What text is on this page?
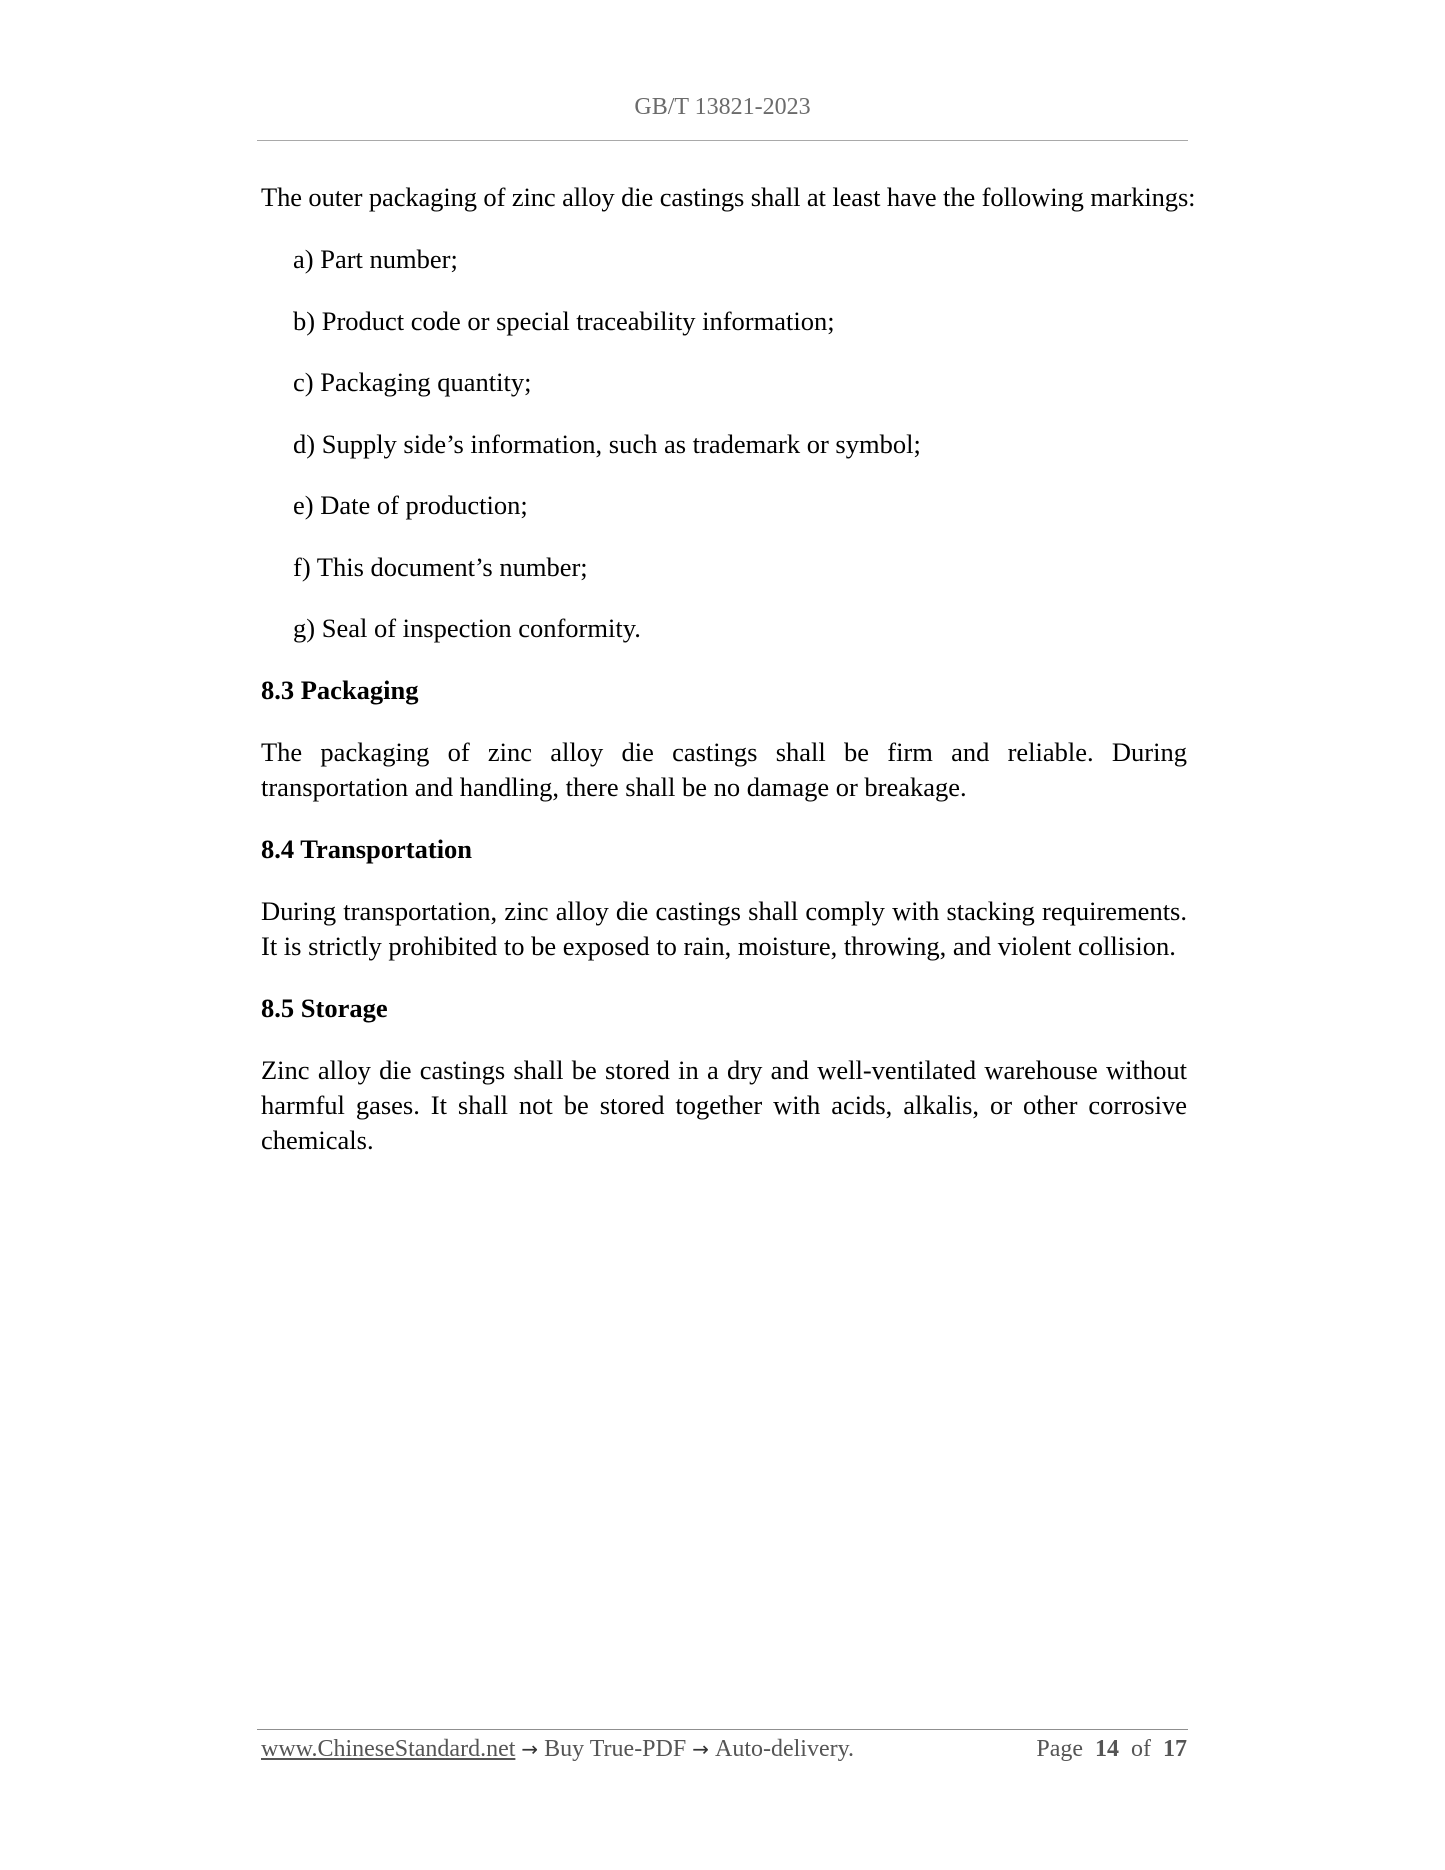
GB/T 13821-2023

The outer packaging of zinc alloy die castings shall at least have the following markings:

a) Part number;
b) Product code or special traceability information;
c) Packaging quantity;
d) Supply side’s information, such as trademark or symbol;
e) Date of production;
f) This document’s number;
g) Seal of inspection conformity.
8.3 Packaging

The packaging of zinc alloy die castings shall be firm and reliable. During transportation and handling, there shall be no damage or breakage.

8.4 Transportation

During transportation, zinc alloy die castings shall comply with stacking requirements. It is strictly prohibited to be exposed to rain, moisture, throwing, and violent collision.

8.5 Storage

Zinc alloy die castings shall be stored in a dry and well-ventilated warehouse without harmful gases. It shall not be stored together with acids, alkalis, or other corrosive chemicals.

www.ChineseStandard.net → Buy True-PDF → Auto-delivery.	Page 14 of 17
